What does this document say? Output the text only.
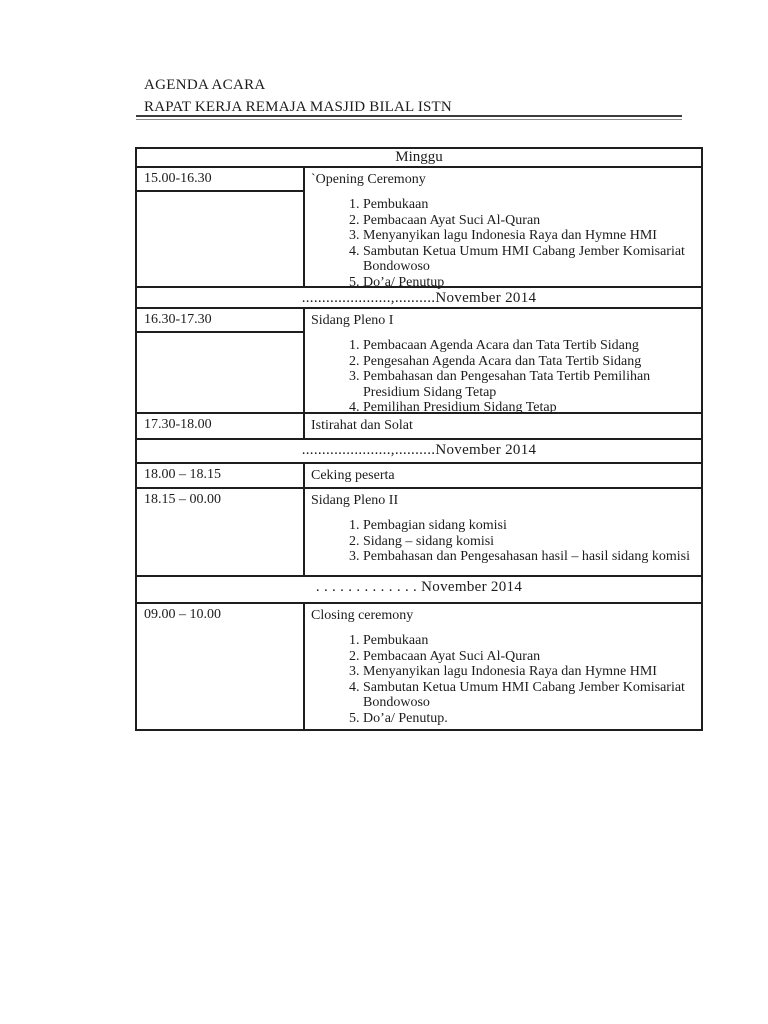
AGENDA ACARA
RAPAT KERJA REMAJA MASJID BILAL ISTN
Minggu
15.00-16.30	`Opening Ceremony
1. Pembukaan
2. Pembacaan Ayat Suci Al-Quran
3. Menyanyikan lagu Indonesia Raya dan Hymne HMI
4. Sambutan Ketua Umum HMI Cabang Jember Komisariat Bondowoso
5. Do’a/ Penutup
......................,..........November 2014
16.30-17.30	Sidang Pleno I
1. Pembacaan Agenda Acara dan Tata Tertib Sidang
2. Pengesahan Agenda Acara dan Tata Tertib Sidang
3. Pembahasan dan Pengesahan Tata Tertib Pemilihan Presidium Sidang Tetap
4. Pemilihan Presidium Sidang Tetap
17.30-18.00	Istirahat dan Solat
......................,..........November 2014
18.00 – 18.15	Ceking peserta
18.15 – 00.00	Sidang Pleno II
1. Pembagian sidang komisi
2. Sidang – sidang komisi
3. Pembahasan dan Pengesahasan hasil – hasil sidang komisi
. . . . . . . . . . . . . November 2014
09.00 – 10.00	Closing ceremony
1. Pembukaan
2. Pembacaan Ayat Suci Al-Quran
3. Menyanyikan lagu Indonesia Raya dan Hymne HMI
4. Sambutan Ketua Umum HMI Cabang Jember Komisariat Bondowoso
5. Do’a/ Penutup.
